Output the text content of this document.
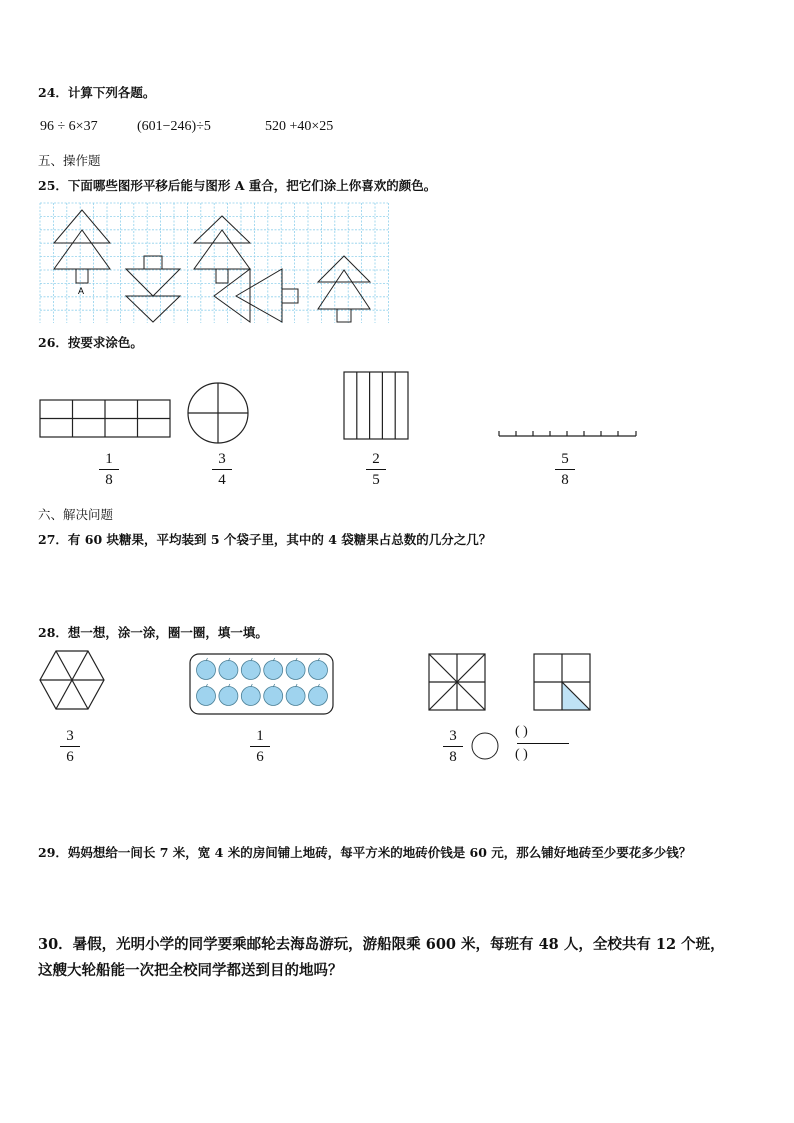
24．计算下列各题。
96 ÷ 6×37	(601−246)÷5	520 +40×25
五、操作题
25．下面哪些图形平移后能与图形 A 重合，把它们涂上你喜欢的颜色。
A
26．按要求涂色。
1
8
3
4
2
5
5
8
六、解决问题
27．有 60 块糖果，平均装到 5 个袋子里，其中的 4 袋糖果占总数的几分之几？
28．想一想，涂一涂，圈一圈，填一填。
3
6
1
6
3
8
( )
( )
29．妈妈想给一间长 7 米，宽 4 米的房间铺上地砖，每平方米的地砖价钱是 60 元，那么铺好地砖至少要花多少钱？
30．暑假，光明小学的同学要乘邮轮去海岛游玩，游船限乘 600 米，每班有 48 人，全校共有 12 个班，
这艘大轮船能一次把全校同学都送到目的地吗？
